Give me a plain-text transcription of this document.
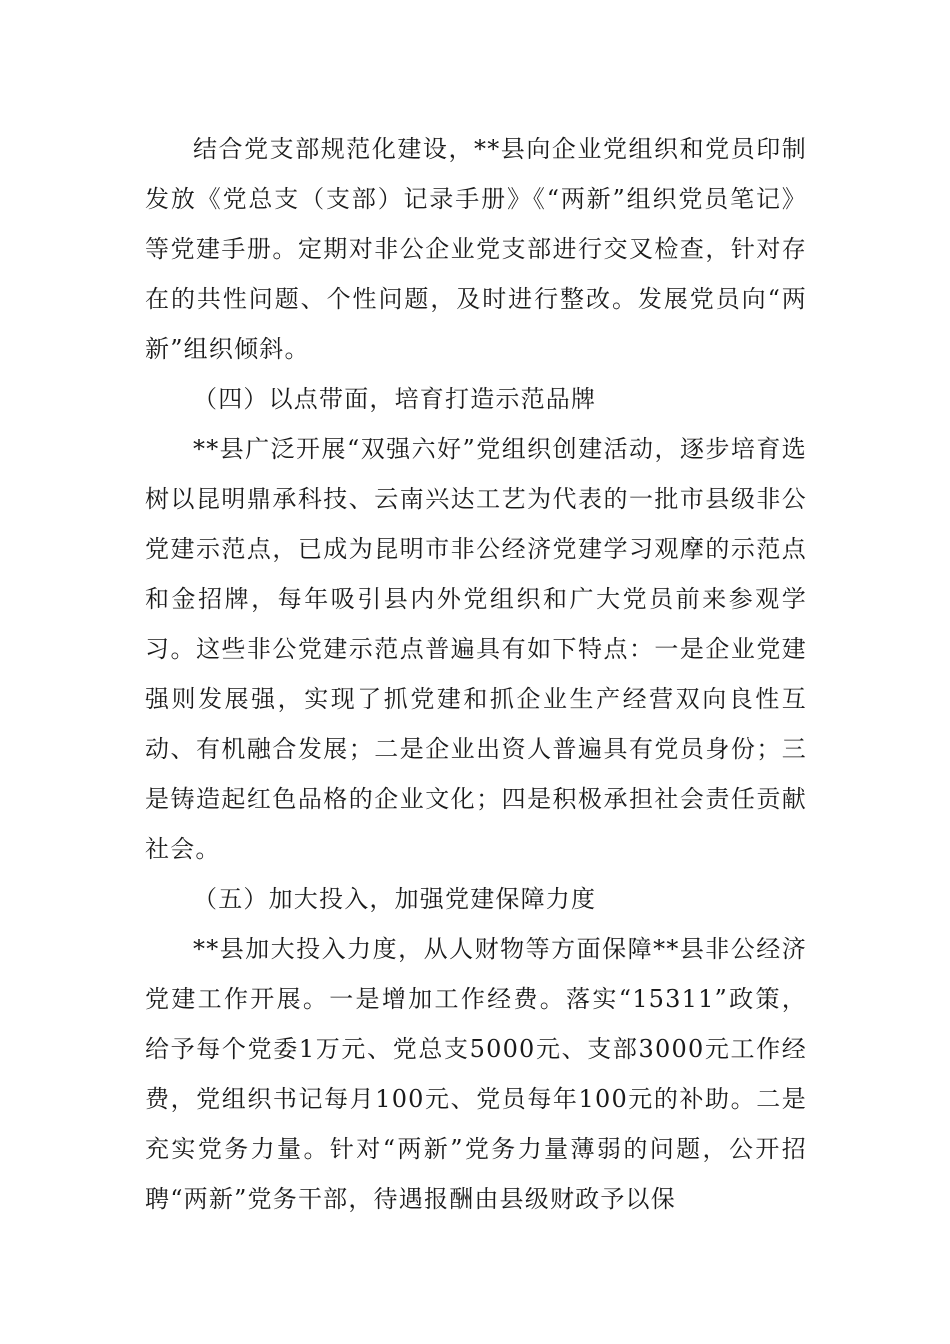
结合党支部规范化建设，**县向企业党组织和党员印制发放《党总支（支部）记录手册》《“两新”组织党员笔记》等党建手册。定期对非公企业党支部进行交叉检查，针对存在的共性问题、个性问题，及时进行整改。发展党员向“两新”组织倾斜。

（四）以点带面，培育打造示范品牌

**县广泛开展“双强六好”党组织创建活动，逐步培育选树以昆明鼎承科技、云南兴达工艺为代表的一批市县级非公党建示范点，已成为昆明市非公经济党建学习观摩的示范点和金招牌，每年吸引县内外党组织和广大党员前来参观学习。这些非公党建示范点普遍具有如下特点：一是企业党建强则发展强，实现了抓党建和抓企业生产经营双向良性互动、有机融合发展；二是企业出资人普遍具有党员身份；三是铸造起红色品格的企业文化；四是积极承担社会责任贡献社会。

（五）加大投入，加强党建保障力度

**县加大投入力度，从人财物等方面保障**县非公经济党建工作开展。一是增加工作经费。落实“15311”政策，给予每个党委1万元、党总支5000元、支部3000元工作经费，党组织书记每月100元、党员每年100元的补助。二是充实党务力量。针对“两新”党务力量薄弱的问题，公开招聘“两新”党务干部，待遇报酬由县级财政予以保
